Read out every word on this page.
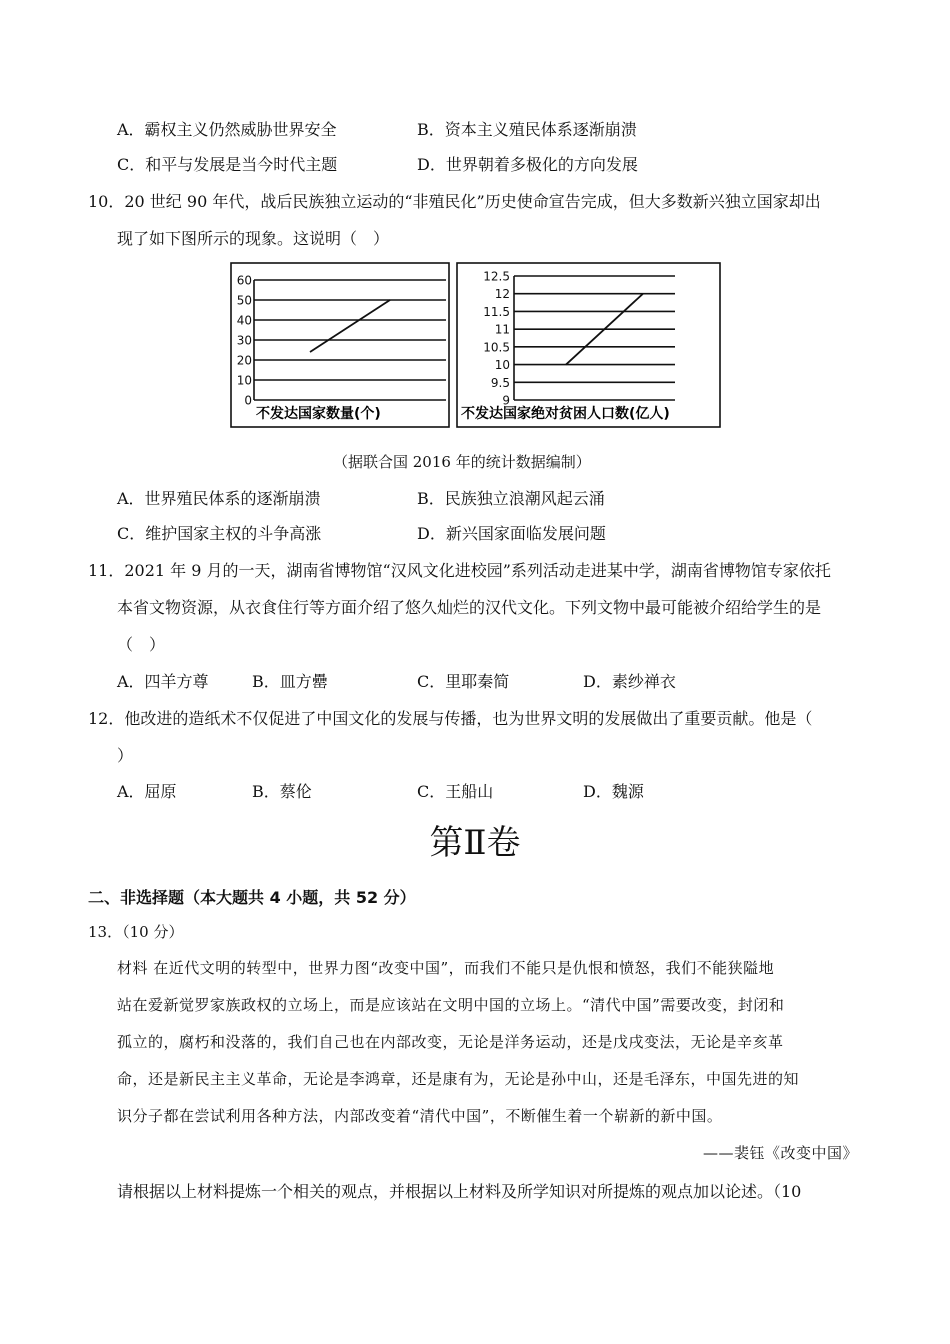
A．霸权主义仍然威胁世界安全	B．资本主义殖民体系逐渐崩溃
C．和平与发展是当今时代主题	D．世界朝着多极化的方向发展
10．20 世纪 90 年代，战后民族独立运动的“非殖民化”历史使命宣告完成，但大多数新兴独立国家却出
现了如下图所示的现象。这说明（　）
0
10
20
30
40
50
60
不发达国家数量(个)
9
9.5
10
10.5
11
11.5
12
12.5
不发达国家绝对贫困人口数(亿人)
（据联合国 2016 年的统计数据编制）
A．世界殖民体系的逐渐崩溃	B．民族独立浪潮风起云涌
C．维护国家主权的斗争高涨	D．新兴国家面临发展问题
11．2021 年 9 月的一天，湖南省博物馆“汉风文化进校园”系列活动走进某中学，湖南省博物馆专家依托
本省文物资源，从衣食住行等方面介绍了悠久灿烂的汉代文化。下列文物中最可能被介绍给学生的是
（　）
A．四羊方尊	B．皿方罍	C．里耶秦简	D．素纱禅衣
12．他改进的造纸术不仅促进了中国文化的发展与传播，也为世界文明的发展做出了重要贡献。他是（
）
A．屈原	B．蔡伦	C．王船山	D．魏源
第Ⅱ卷
二、非选择题（本大题共 4 小题，共 52 分）
13．（10 分）
材料 在近代文明的转型中，世界力图“改变中国”，而我们不能只是仇恨和愤怒，我们不能狭隘地
站在爱新觉罗家族政权的立场上，而是应该站在文明中国的立场上。“清代中国”需要改变，封闭和
孤立的，腐朽和没落的，我们自己也在内部改变，无论是洋务运动，还是戊戌变法，无论是辛亥革
命，还是新民主主义革命，无论是李鸿章，还是康有为，无论是孙中山，还是毛泽东，中国先进的知
识分子都在尝试利用各种方法，内部改变着“清代中国”，不断催生着一个崭新的新中国。
——裴钰《改变中国》
请根据以上材料提炼一个相关的观点，并根据以上材料及所学知识对所提炼的观点加以论述。（10
